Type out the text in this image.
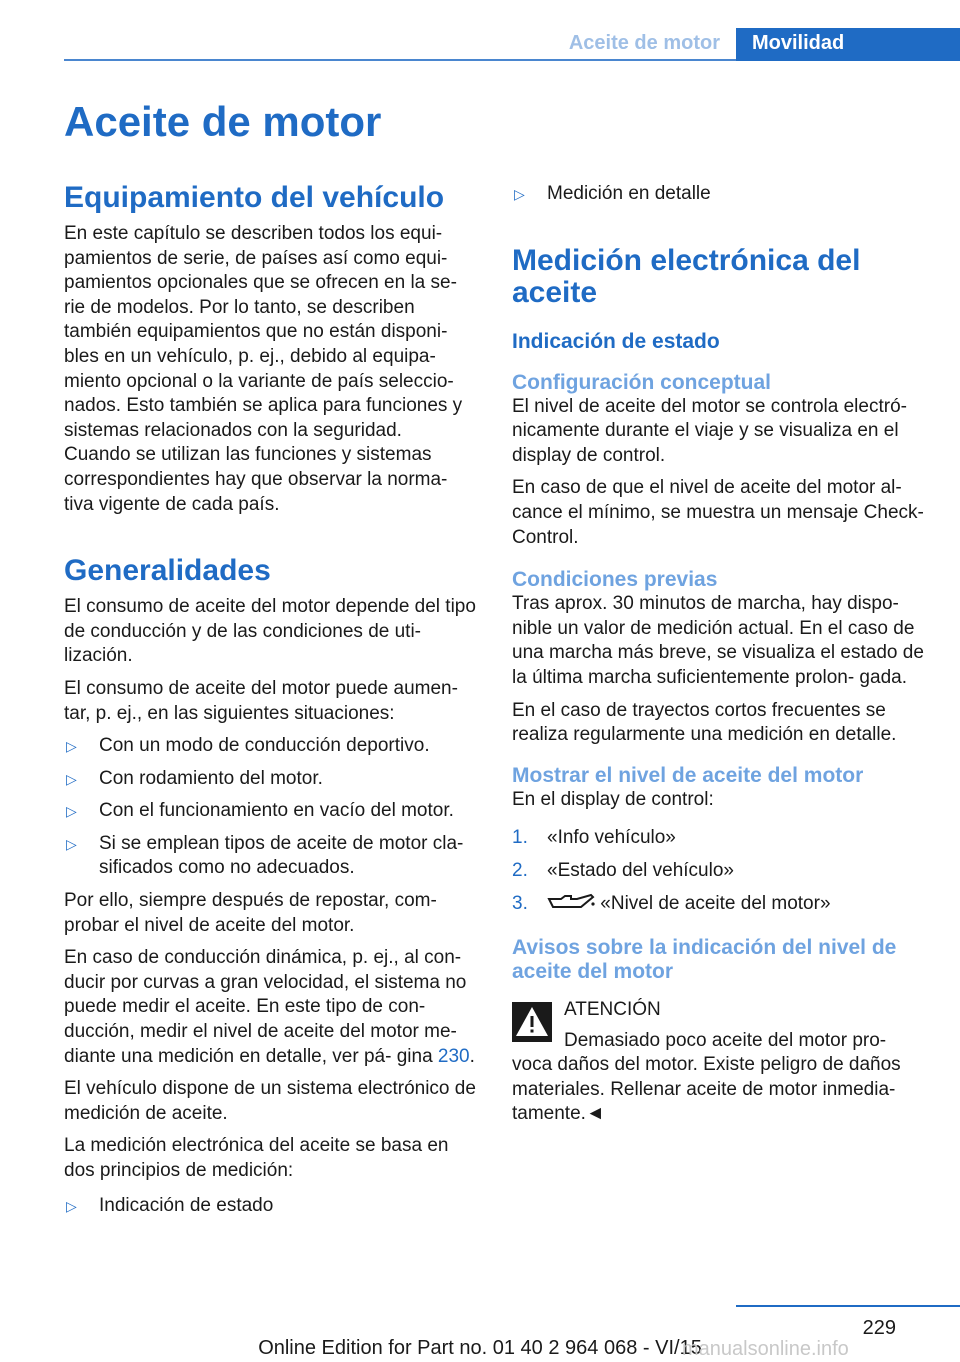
Aceite de motor	Movilidad
Aceite de motor
Equipamiento del vehículo

En este capítulo se describen todos los equi‐ pamientos de serie, de países así como equi‐ pamientos opcionales que se ofrecen en la se‐ rie de modelos. Por lo tanto, se describen también equipamientos que no están disponi‐ bles en un vehículo, p. ej., debido al equipa‐ miento opcional o la variante de país seleccio‐ nados. Esto también se aplica para funciones y sistemas relacionados con la seguridad.

Cuando se utilizan las funciones y sistemas correspondientes hay que observar la norma‐ tiva vigente de cada país.

Generalidades

El consumo de aceite del motor depende del tipo de conducción y de las condiciones de uti‐ lización.

El consumo de aceite del motor puede aumen‐ tar, p. ej., en las siguientes situaciones:

▷ Con un modo de conducción deportivo.
▷ Con rodamiento del motor.
▷ Con el funcionamiento en vacío del motor.
▷ Si se emplean tipos de aceite de motor cla‐ sificados como no adecuados.

Por ello, siempre después de repostar, com‐ probar el nivel de aceite del motor.

En caso de conducción dinámica, p. ej., al con‐ ducir por curvas a gran velocidad, el sistema no puede medir el aceite. En este tipo de con‐ ducción, medir el nivel de aceite del motor me‐ diante una medición en detalle, ver pá‐ gina 230.

El vehículo dispone de un sistema electrónico de medición de aceite.

La medición electrónica del aceite se basa en dos principios de medición:

▷ Indicación de estado
▷ Medición en detalle
Medición electrónica del aceite
Indicación de estado
Configuración conceptual

El nivel de aceite del motor se controla electró‐ nicamente durante el viaje y se visualiza en el display de control.

En caso de que el nivel de aceite del motor al‐ cance el mínimo, se muestra un mensaje Check-Control.

Condiciones previas

Tras aprox. 30 minutos de marcha, hay dispo‐ nible un valor de medición actual. En el caso de una marcha más breve, se visualiza el estado de la última marcha suficientemente prolon‐ gada.

En el caso de trayectos cortos frecuentes se realiza regularmente una medición en detalle.

Mostrar el nivel de aceite del motor

En el display de control:

1. «Info vehículo»
2. «Estado del vehículo»
3.	«Nivel de aceite del motor»
Avisos sobre la indicación del nivel de aceite del motor

ATENCIÓN

Demasiado poco aceite del motor pro‐ voca daños del motor. Existe peligro de daños materiales. Rellenar aceite de motor inmedia‐ tamente.◄

229
Online Edition for Part no. 01 40 2 964 068 - VI/15
manualsonline.info
